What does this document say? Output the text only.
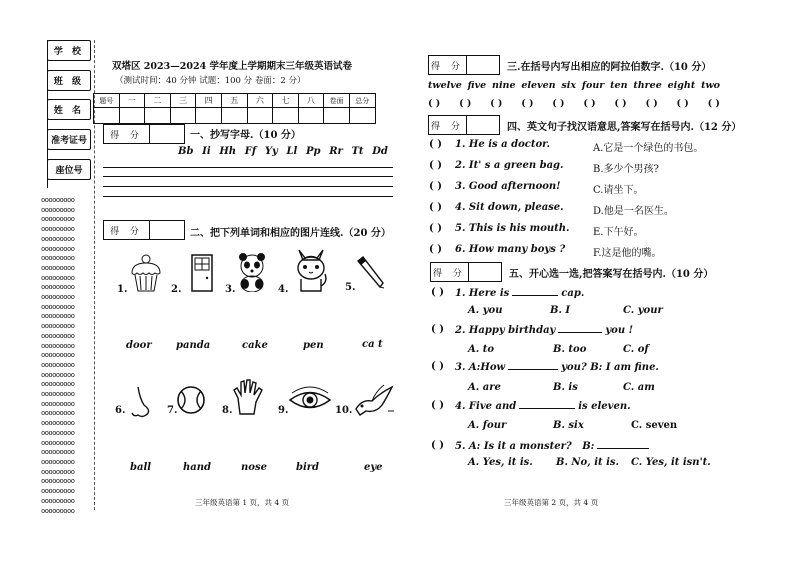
学 校
班 级
姓 名
准考证号
座位号
ooooooooo
ooooooooo
ooooooooo
ooooooooo
ooooooooo
ooooooooo
ooooooooo
ooooooooo
ooooooooo
ooooooooo
ooooooooo
ooooooooo
ooooooooo
ooooooooo
ooooooooo
ooooooooo
ooooooooo
ooooooooo
ooooooooo
ooooooooo
ooooooooo
ooooooooo
ooooooooo
ooooooooo
ooooooooo
ooooooooo
ooooooooo
ooooooooo
ooooooooo
ooooooooo
ooooooooo
ooooooooo
ooooooooo
双塔区 2023—2024 学年度上学期期末三年级英语试卷
（测试时间：40 分钟 试题：100 分 卷面：2 分）
题号	一	二	三	四	五	六	七	八	卷面	总分

得 分	一、抄写字母.（10 分）
Bb Ii Hh Ff Yy Ll Pp Rr Tt Dd
得 分	二、把下列单词和相应的图片连线.（20 分）
1.	2.	3.	4.	5.
door panda	cake	pen	ca t
6.	7.	8.	9.	10.
ball	hand	nose	bird	eye
三年级英语第 1 页，共 4 页
得 分	三.在括号内写出相应的阿拉伯数字.（10 分）
twelve five nine eleven six four ten three eight two
( ) ( ) ( ) ( ) ( ) ( ) ( ) ( ) ( ) ( )
得 分	四、英文句子找汉语意思,答案写在括号内.（12 分）
( ) 1. He is a doctor.	A.它是一个绿色的书包。
( ) 2. It' s a green bag.	B.多少个男孩?
( ) 3. Good afternoon!	C.请坐下。
( ) 4. Sit down, please.	D.他是一名医生。
( ) 5. This is his mouth. E.下午好。
( ) 6. How many boys ?	F.这是他的嘴。
得 分	五、开心选一选,把答案写在括号内.（10 分）
( ) 1. Here is	cap.
A. you	B. I	C. your
( ) 2. Happy birthday	you !
A. to	B. too	C. of
( ) 3. A:How	you? B: I am fine.
A. are	B. is	C. am
( ) 4. Five and	is eleven.
A. four	B. six	C. seven
( ) 5. A: Is it a monster?   B:
A. Yes, it is. B. No, it is. C. Yes, it isn't.
三年级英语第 2 页，共 4 页
